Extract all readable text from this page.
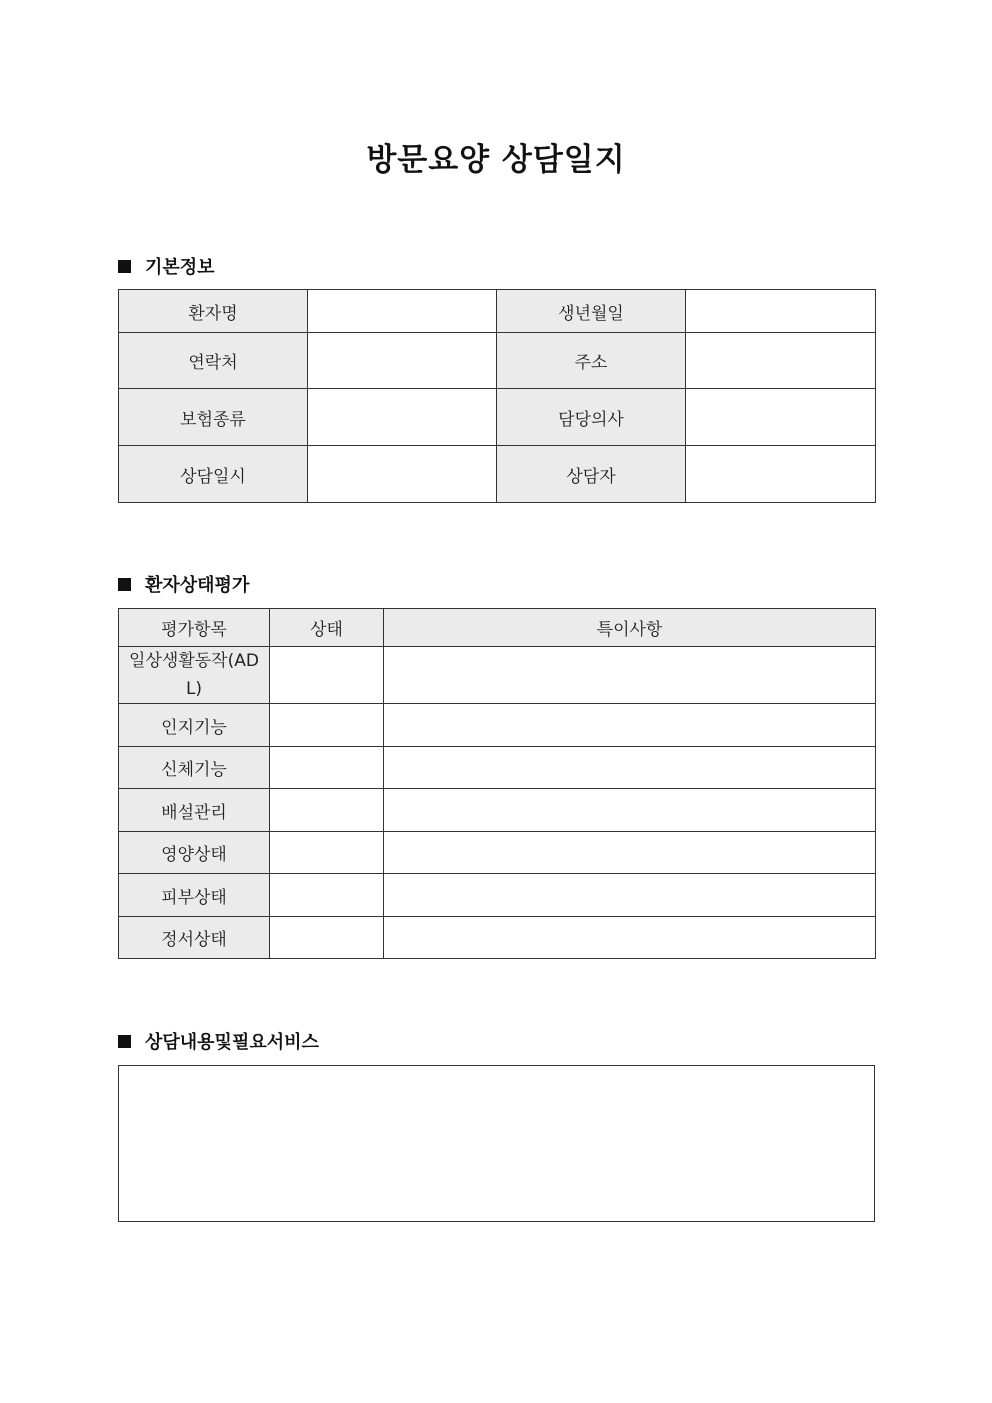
방문요양 상담일지
기본정보
환자명		생년월일	
연락처		주소	
보험종류		담당의사	
상담일시		상담자	
환자상태평가
평가항목	상태	특이사항
일상생활동작(ADL)		
인지기능		
신체기능		
배설관리		
영양상태		
피부상태		
정서상태		
상담내용및필요서비스
